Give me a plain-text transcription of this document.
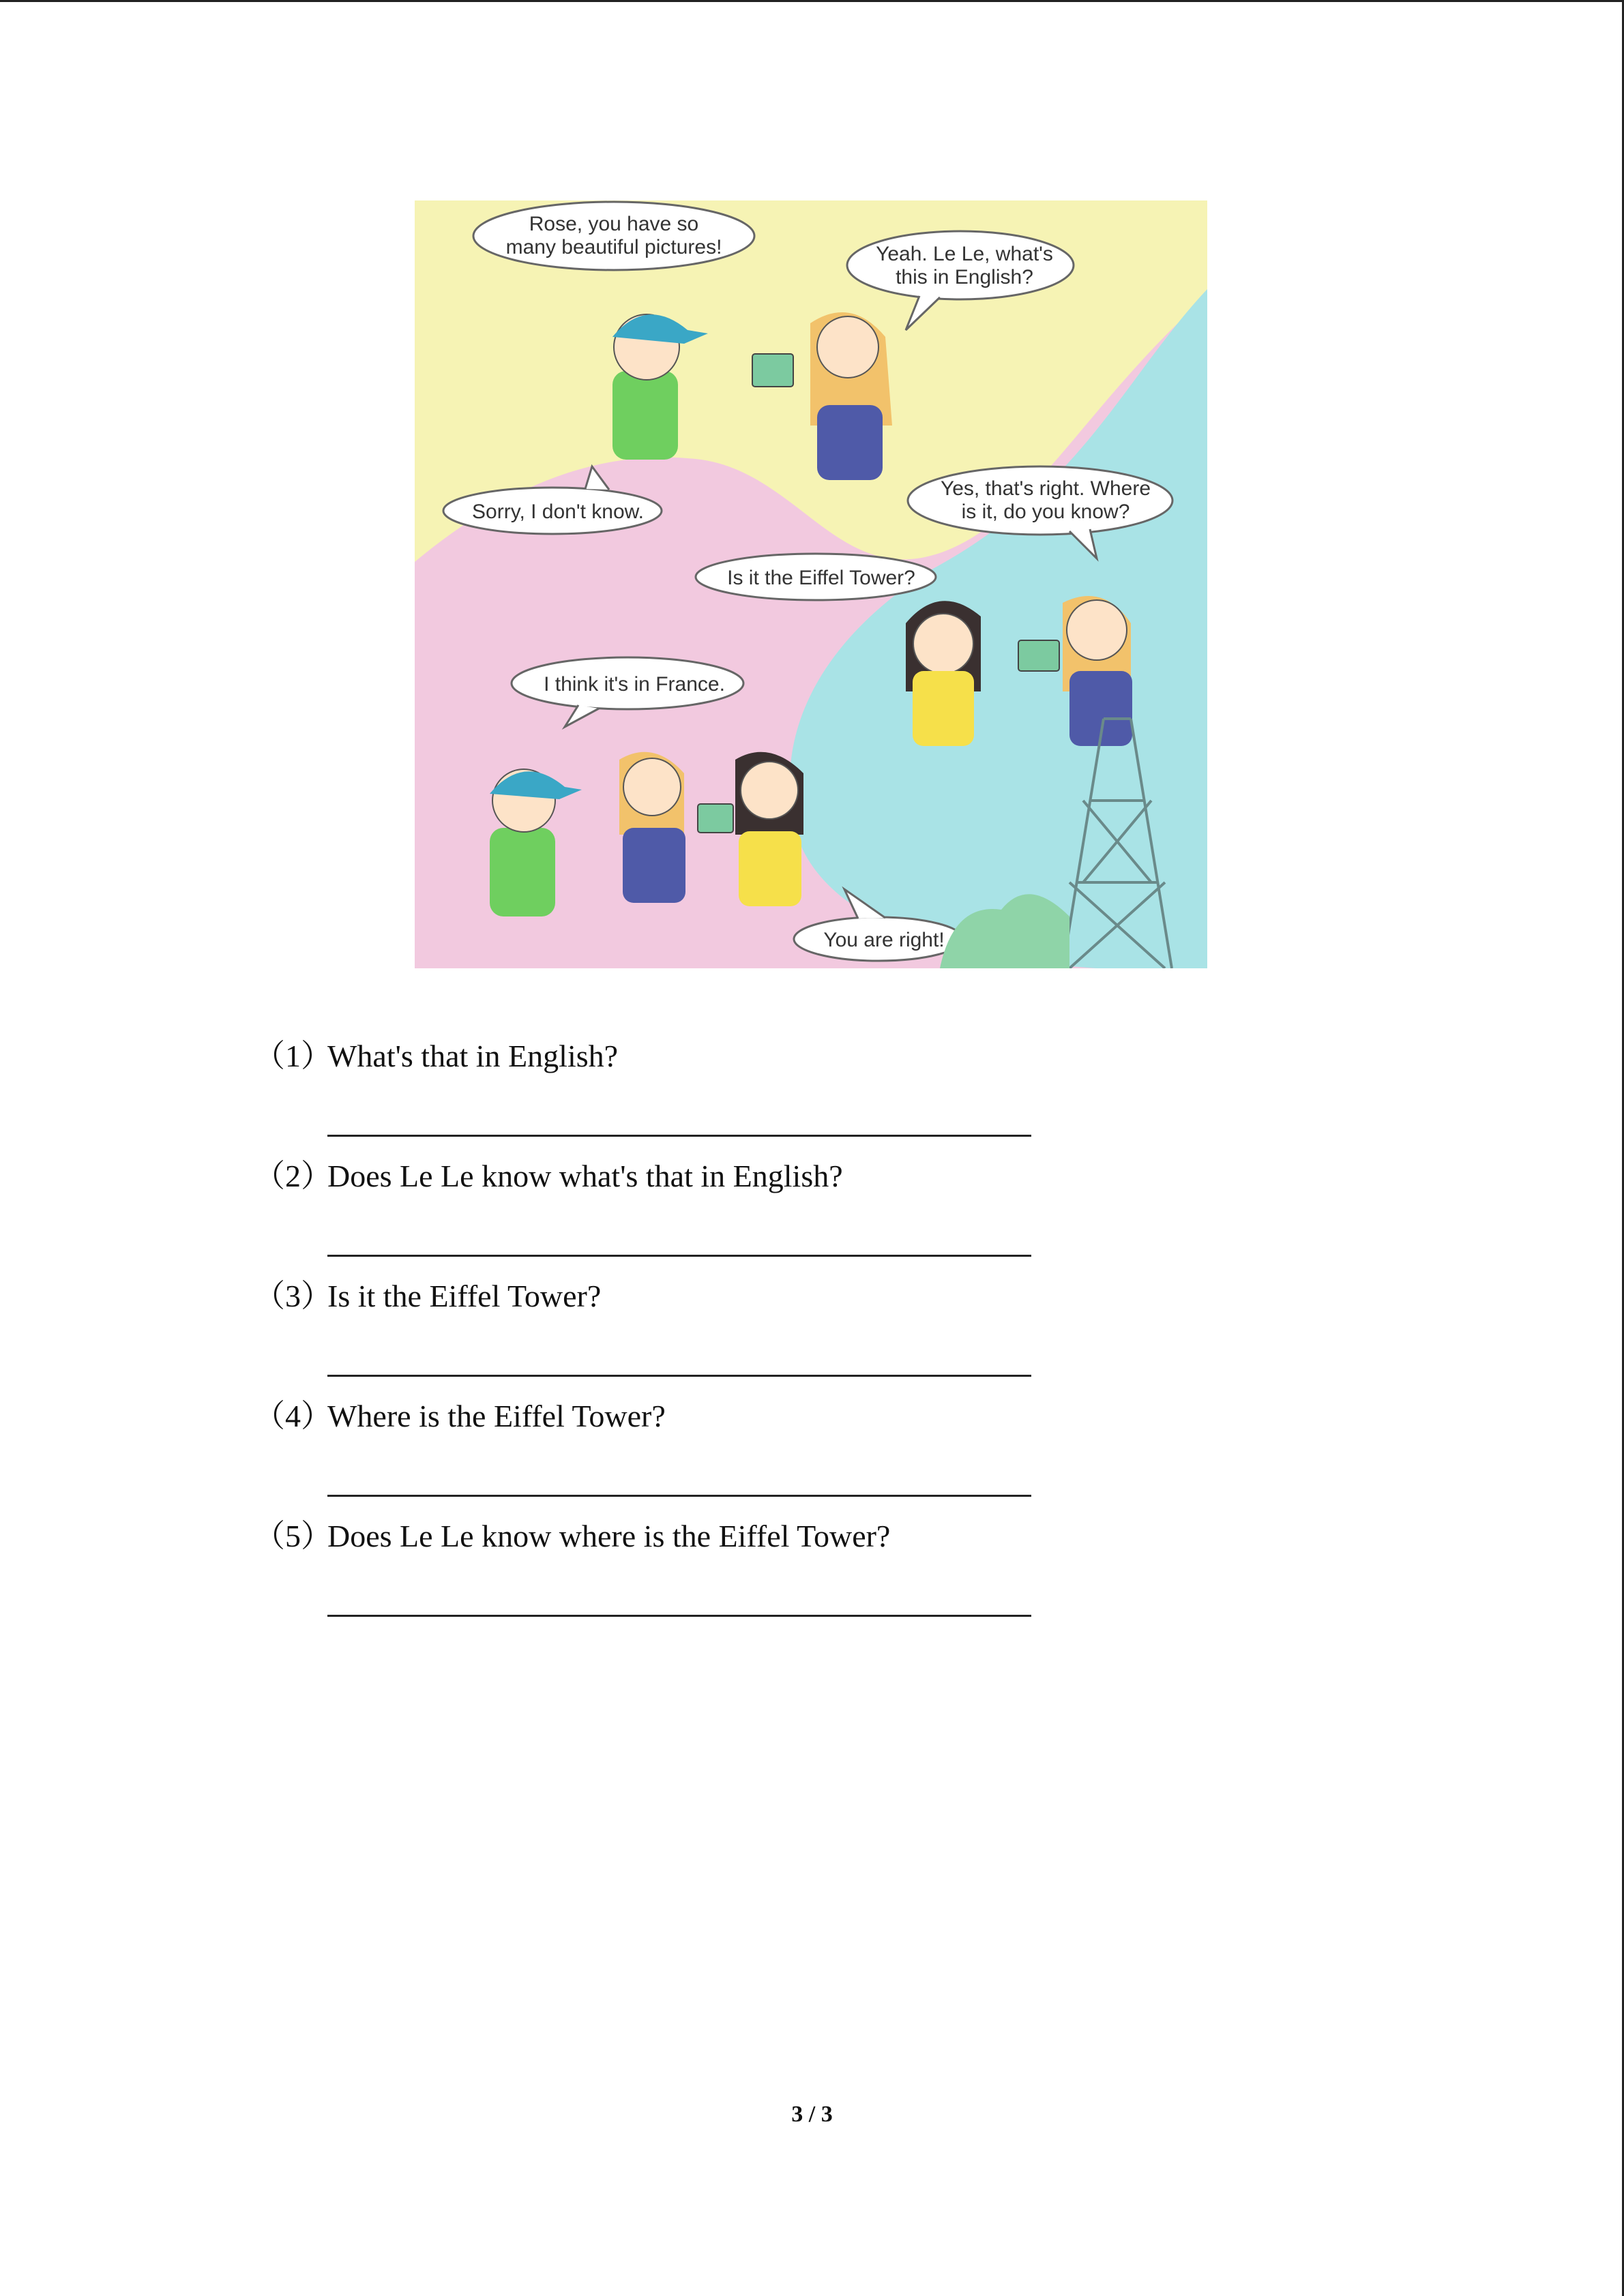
Rose, you have so
many beautiful pictures!	Yeah. Le Le, what's
this in English?
Sorry, I don't know.
Yes, that's right. Where
is it, do you know?
Is it the Eiffel Tower?
I think it's in France.
You are right!
（1）What's that in English?
（2）Does Le Le know what's that in English?
（3）Is it the Eiffel Tower?
（4）Where is the Eiffel Tower?
（5）Does Le Le know where is the Eiffel Tower?
3 / 3
